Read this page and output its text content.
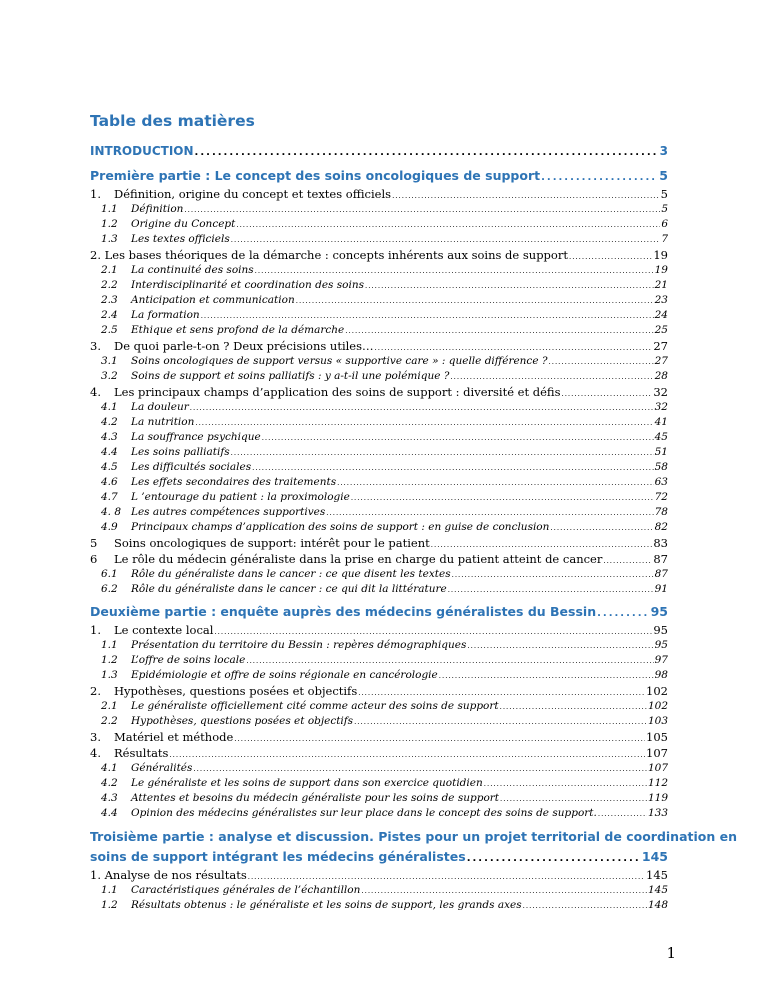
Table des matières
INTRODUCTION .....	3
Première partie : Le concept des soins oncologiques de support .....	5
1.	Définition, origine du concept et textes officiels .....	5
1.1	Définition .....	5
1.2	Origine du Concept .....	6
1.3	Les textes officiels .....	7
2. Les bases théoriques de la démarche : concepts inhérents aux soins de support .....	19
2.1	La continuité des soins .....	19
2.2	Interdisciplinarité et coordination des soins .....	21
2.3	Anticipation et communication .....	23
2.4	La formation .....	24
2.5	Ethique et sens profond de la démarche .....	25
3.	De quoi parle-t-on ? Deux précisions utiles… .....	27
3.1	Soins oncologiques de support versus « supportive care » : quelle différence ? .....	27
3.2	Soins de support et soins palliatifs : y a-t-il une polémique ? .....	28
4.	Les principaux champs d’application des soins de support : diversité et défis .....	32
4.1	La douleur .....	32
4.2	La nutrition .....	41
4.3	La souffrance psychique .....	45
4.4	Les soins palliatifs .....	51
4.5	Les difficultés sociales .....	58
4.6	Les effets secondaires des traitements .....	63
4.7	L ’entourage du patient : la proximologie .....	72
4. 8 Les autres compétences supportives .....	78
4.9	Principaux champs d’application des soins de support : en guise de conclusion .....	82
5	Soins oncologiques de support: intérêt pour le patient .....	83
6	Le rôle du médecin généraliste dans la prise en charge du patient atteint de cancer .....	87
6.1	Rôle du généraliste dans le cancer : ce que disent les textes .....	87
6.2	Rôle du généraliste dans le cancer : ce qui dit la littérature .....	91
Deuxième partie : enquête auprès des médecins généralistes du Bessin .....	95
1.	Le contexte local .....	95
1.1	Présentation du territoire du Bessin : repères démographiques .....	95
1.2	L’offre de soins locale .....	97
1.3	Epidémiologie et offre de soins régionale en cancérologie .....	98
2.	Hypothèses, questions posées et objectifs .....	102
2.1	Le généraliste officiellement cité comme acteur des soins de support .....	102
2.2	Hypothèses, questions posées et objectifs .....	103
3.	Matériel et méthode .....	105
4.	Résultats .....	107
4.1	Généralités .....	107
4.2	Le généraliste et les soins de support dans son exercice quotidien .....	112
4.3	Attentes et besoins du médecin généraliste pour les soins de support .....	119
4.4	Opinion des médecins généralistes sur leur place dans le concept des soins de support. .....	133
Troisième partie : analyse et discussion. Pistes pour un projet territorial de coordination en
soins de support intégrant les médecins généralistes .....	145
1. Analyse de nos résultats .....	145
1.1	Caractéristiques générales de l’échantillon .....	145
1.2	Résultats obtenus : le généraliste et les soins de support, les grands axes .....	148
1
